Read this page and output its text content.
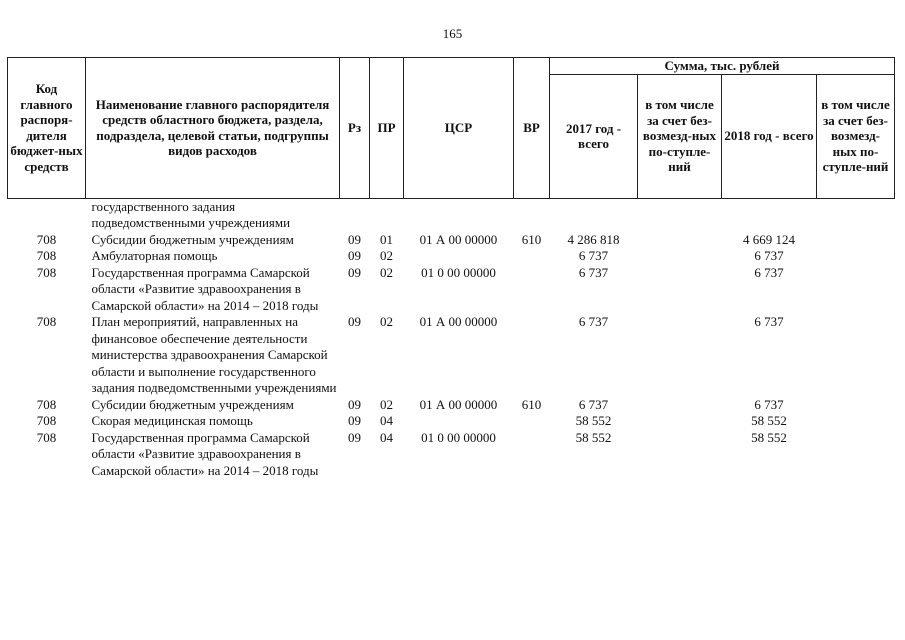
165
Код главного распоря-дителя бюджет-ных средств	Наименование главного распорядителя средств областного бюджета, раздела, подраздела, целевой статьи, подгруппы видов расходов	Рз	ПР	ЦСР	ВР	Сумма, тыс. рублей			
						2017 год - всего	в том числе за счет без-возмезд-ных по-ступле-ний	2018 год - всего	в том числе за счет без-возмезд-ных по-ступле-ний
	государственного задания подведомственными учреждениями								
708	Субсидии бюджетным учреждениям	09	01	01 А 00 00000	610	4 286 818		4 669 124	
708	Амбулаторная помощь	09	02			6 737		6 737	
708	Государственная программа Самарской области «Развитие здравоохранения в Самарской области» на 2014 – 2018 годы	09	02	01 0 00 00000		6 737		6 737	
708	План мероприятий, направленных на финансовое обеспечение деятельности министерства здравоохранения Самарской области и выполнение государственного задания подведомственными учреждениями	09	02	01 А 00 00000		6 737		6 737	
708	Субсидии бюджетным учреждениям	09	02	01 А 00 00000	610	6 737		6 737	
708	Скорая медицинская помощь	09	04			58 552		58 552	
708	Государственная программа Самарской области «Развитие здравоохранения в Самарской области» на 2014 – 2018 годы	09	04	01 0 00 00000		58 552		58 552	
